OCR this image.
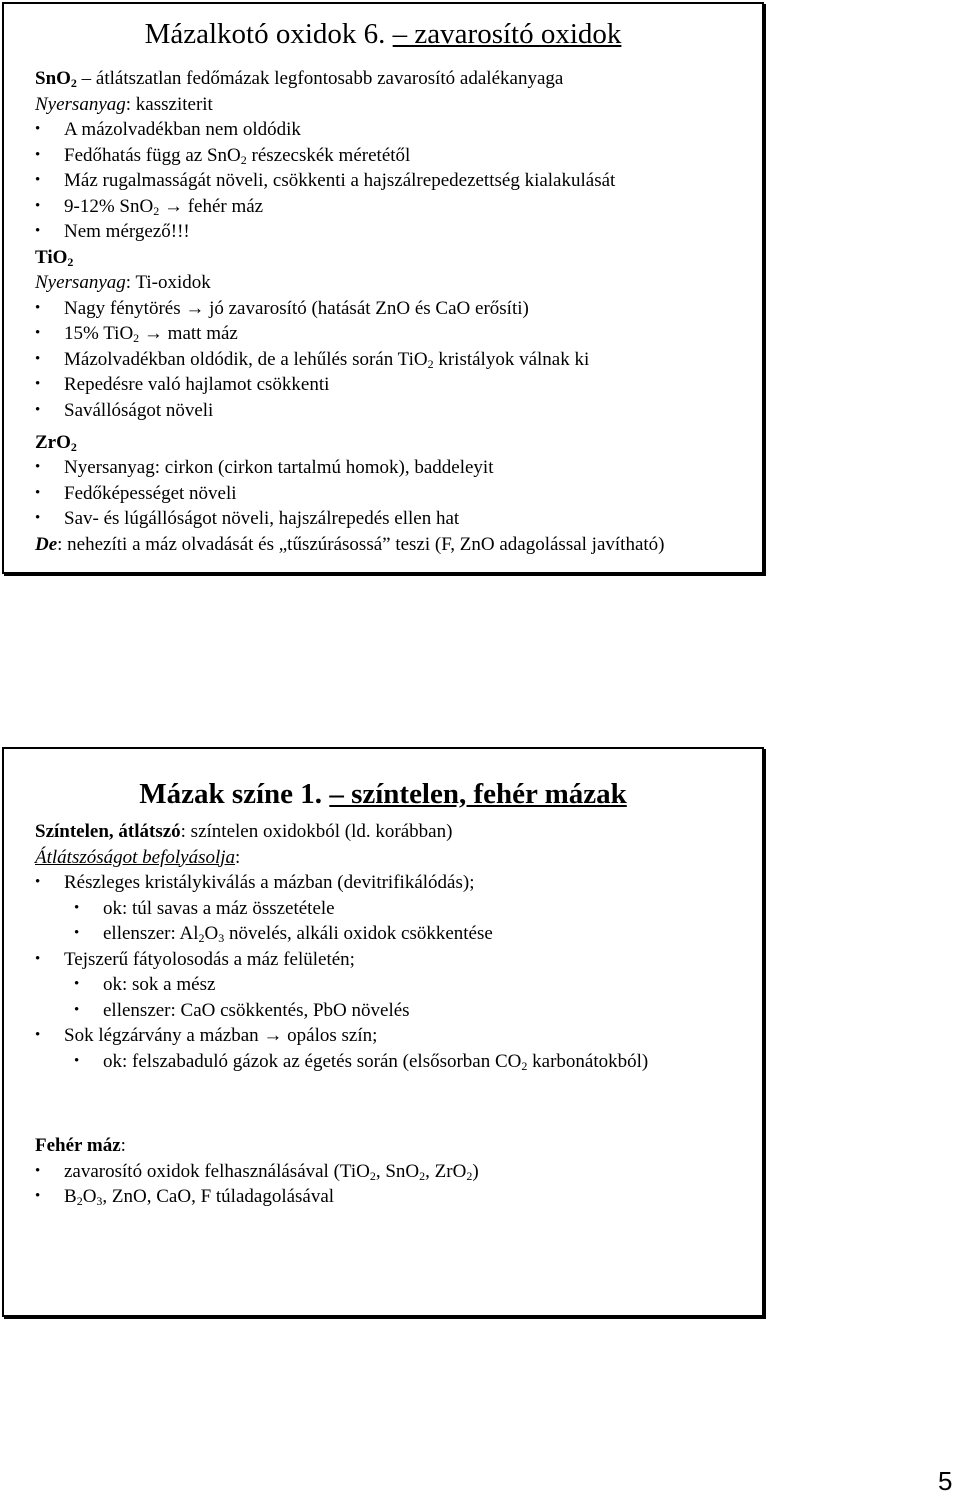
Mázalkotó oxidok 6. – zavarosító oxidok
SnO$_2$ – átlátszatlan fedőmázak legfontosabb zavarosító adalékanyaga
Nyersanyag: kassziterit
• A mázolvadékban nem oldódik
• Fedőhatás függ az SnO$_2$ részecskék méretétől
• Máz rugalmasságát növeli, csökkenti a hajszálrepedezettség kialakulását
• 9-12% SnO$_2$ → fehér máz
• Nem mérgező!!!
TiO$_2$
Nyersanyag: Ti-oxidok
• Nagy fénytörés → jó zavarosító (hatását ZnO és CaO erősíti)
• 15% TiO$_2$ → matt máz
• Mázolvadékban oldódik, de a lehűlés során TiO$_2$ kristályok válnak ki
• Repedésre való hajlamot csökkenti
• Savállóságot növeli
ZrO$_2$
• Nyersanyag: cirkon (cirkon tartalmú homok), baddeleyit
• Fedőképességet növeli
• Sav- és lúgállóságot növeli, hajszálrepedés ellen hat
De: nehezíti a máz olvadását és „tűszúrásossá” teszi (F, ZnO adagolással javítható)
Mázak színe 1. – színtelen, fehér mázak
Színtelen, átlátszó: színtelen oxidokból (ld. korábban)
Átlátszóságot befolyásolja:
• Részleges kristálykiválás a mázban (devitrifikálódás);
• ok: túl savas a máz összetétele
• ellenszer: $Al_2O_3$ növelés, alkáli oxidok csökkentése
• Tejszerű fátyolosodás a máz felületén;
• ok: sok a mész
• ellenszer: CaO csökkentés, PbO növelés
• Sok légzárvány a mázban → opálos szín;
• ok: felszabaduló gázok az égetés során (elsősorban $CO_2$ karbonátokból)
Fehér máz:
• zavarosító oxidok felhasználásával (TiO$_2$, SnO$_2$, ZrO$_2$)
• $B_2O_3$, ZnO, CaO, F túladagolásával
5
